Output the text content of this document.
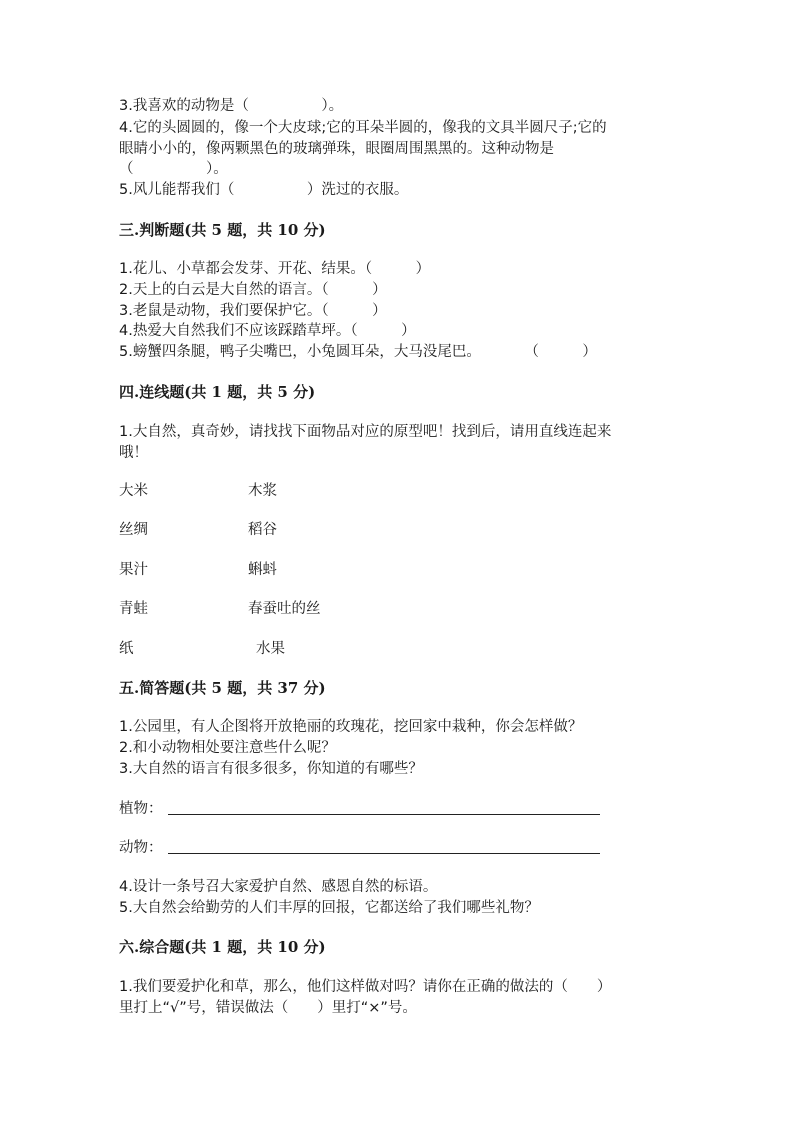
3.我喜欢的动物是（　　　　　）。
4.它的头圆圆的，像一个大皮球;它的耳朵半圆的，像我的文具半圆尺子;它的
眼睛小小的，像两颗黑色的玻璃弹珠，眼圈周围黑黑的。这种动物是
（　　　　　）。
5.风儿能帮我们（　　　　　）洗过的衣服。
三.判断题(共 5 题，共 10 分)
1.花儿、小草都会发芽、开花、结果。（　　　）
2.天上的白云是大自然的语言。（　　　）
3.老鼠是动物，我们要保护它。（　　　）
4.热爱大自然我们不应该踩踏草坪。（　　　）
5.螃蟹四条腿，鸭子尖嘴巴，小兔圆耳朵，大马没尾巴。　　　　（　　　）
四.连线题(共 1 题，共 5 分)
1.大自然，真奇妙，请找找下面物品对应的原型吧！找到后，请用直线连起来
哦！
大米	木浆
丝绸	稻谷
果汁	蝌蚪
青蛙	春蚕吐的丝
纸	水果
五.简答题(共 5 题，共 37 分)
1.公园里，有人企图将开放艳丽的玫瑰花，挖回家中栽种，你会怎样做？
2.和小动物相处要注意些什么呢？
3.大自然的语言有很多很多，你知道的有哪些？
植物：
动物：
4.设计一条号召大家爱护自然、感恩自然的标语。
5.大自然会给勤劳的人们丰厚的回报，它都送给了我们哪些礼物？
六.综合题(共 1 题，共 10 分)
1.我们要爱护化和草，那么，他们这样做对吗？请你在正确的做法的（　　）
里打上“√”号，错误做法（　　）里打“×”号。
